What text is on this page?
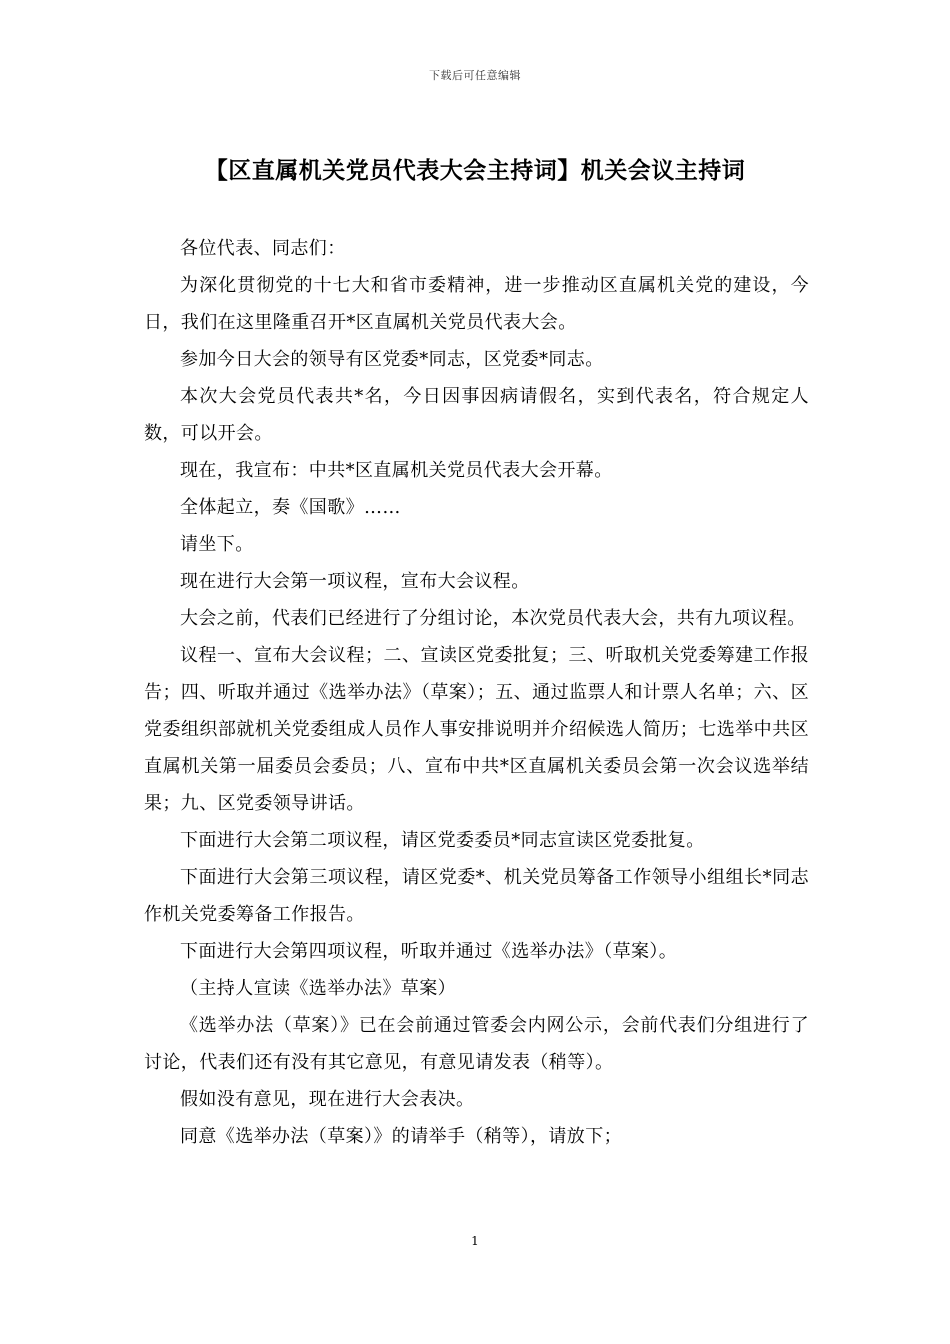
下载后可任意编辑
【区直属机关党员代表大会主持词】机关会议主持词

各位代表、同志们：

为深化贯彻党的十七大和省市委精神，进一步推动区直属机关党的建设，今日，我们在这里隆重召开*区直属机关党员代表大会。

参加今日大会的领导有区党委*同志，区党委*同志。

本次大会党员代表共*名，今日因事因病请假名，实到代表名，符合规定人数，可以开会。

现在，我宣布：中共*区直属机关党员代表大会开幕。

全体起立，奏《国歌》……

请坐下。

现在进行大会第一项议程，宣布大会议程。

大会之前，代表们已经进行了分组讨论，本次党员代表大会，共有九项议程。

议程一、宣布大会议程；二、宣读区党委批复；三、听取机关党委筹建工作报告；四、听取并通过《选举办法》（草案）；五、通过监票人和计票人名单；六、区党委组织部就机关党委组成人员作人事安排说明并介绍候选人简历；七选举中共区直属机关第一届委员会委员；八、宣布中共*区直属机关委员会第一次会议选举结果；九、区党委领导讲话。

下面进行大会第二项议程，请区党委委员*同志宣读区党委批复。

下面进行大会第三项议程，请区党委*、机关党员筹备工作领导小组组长*同志作机关党委筹备工作报告。

下面进行大会第四项议程，听取并通过《选举办法》（草案）。

（主持人宣读《选举办法》草案）

《选举办法（草案）》已在会前通过管委会内网公示，会前代表们分组进行了讨论，代表们还有没有其它意见，有意见请发表（稍等）。

假如没有意见，现在进行大会表决。

同意《选举办法（草案）》的请举手（稍等），请放下；

1
